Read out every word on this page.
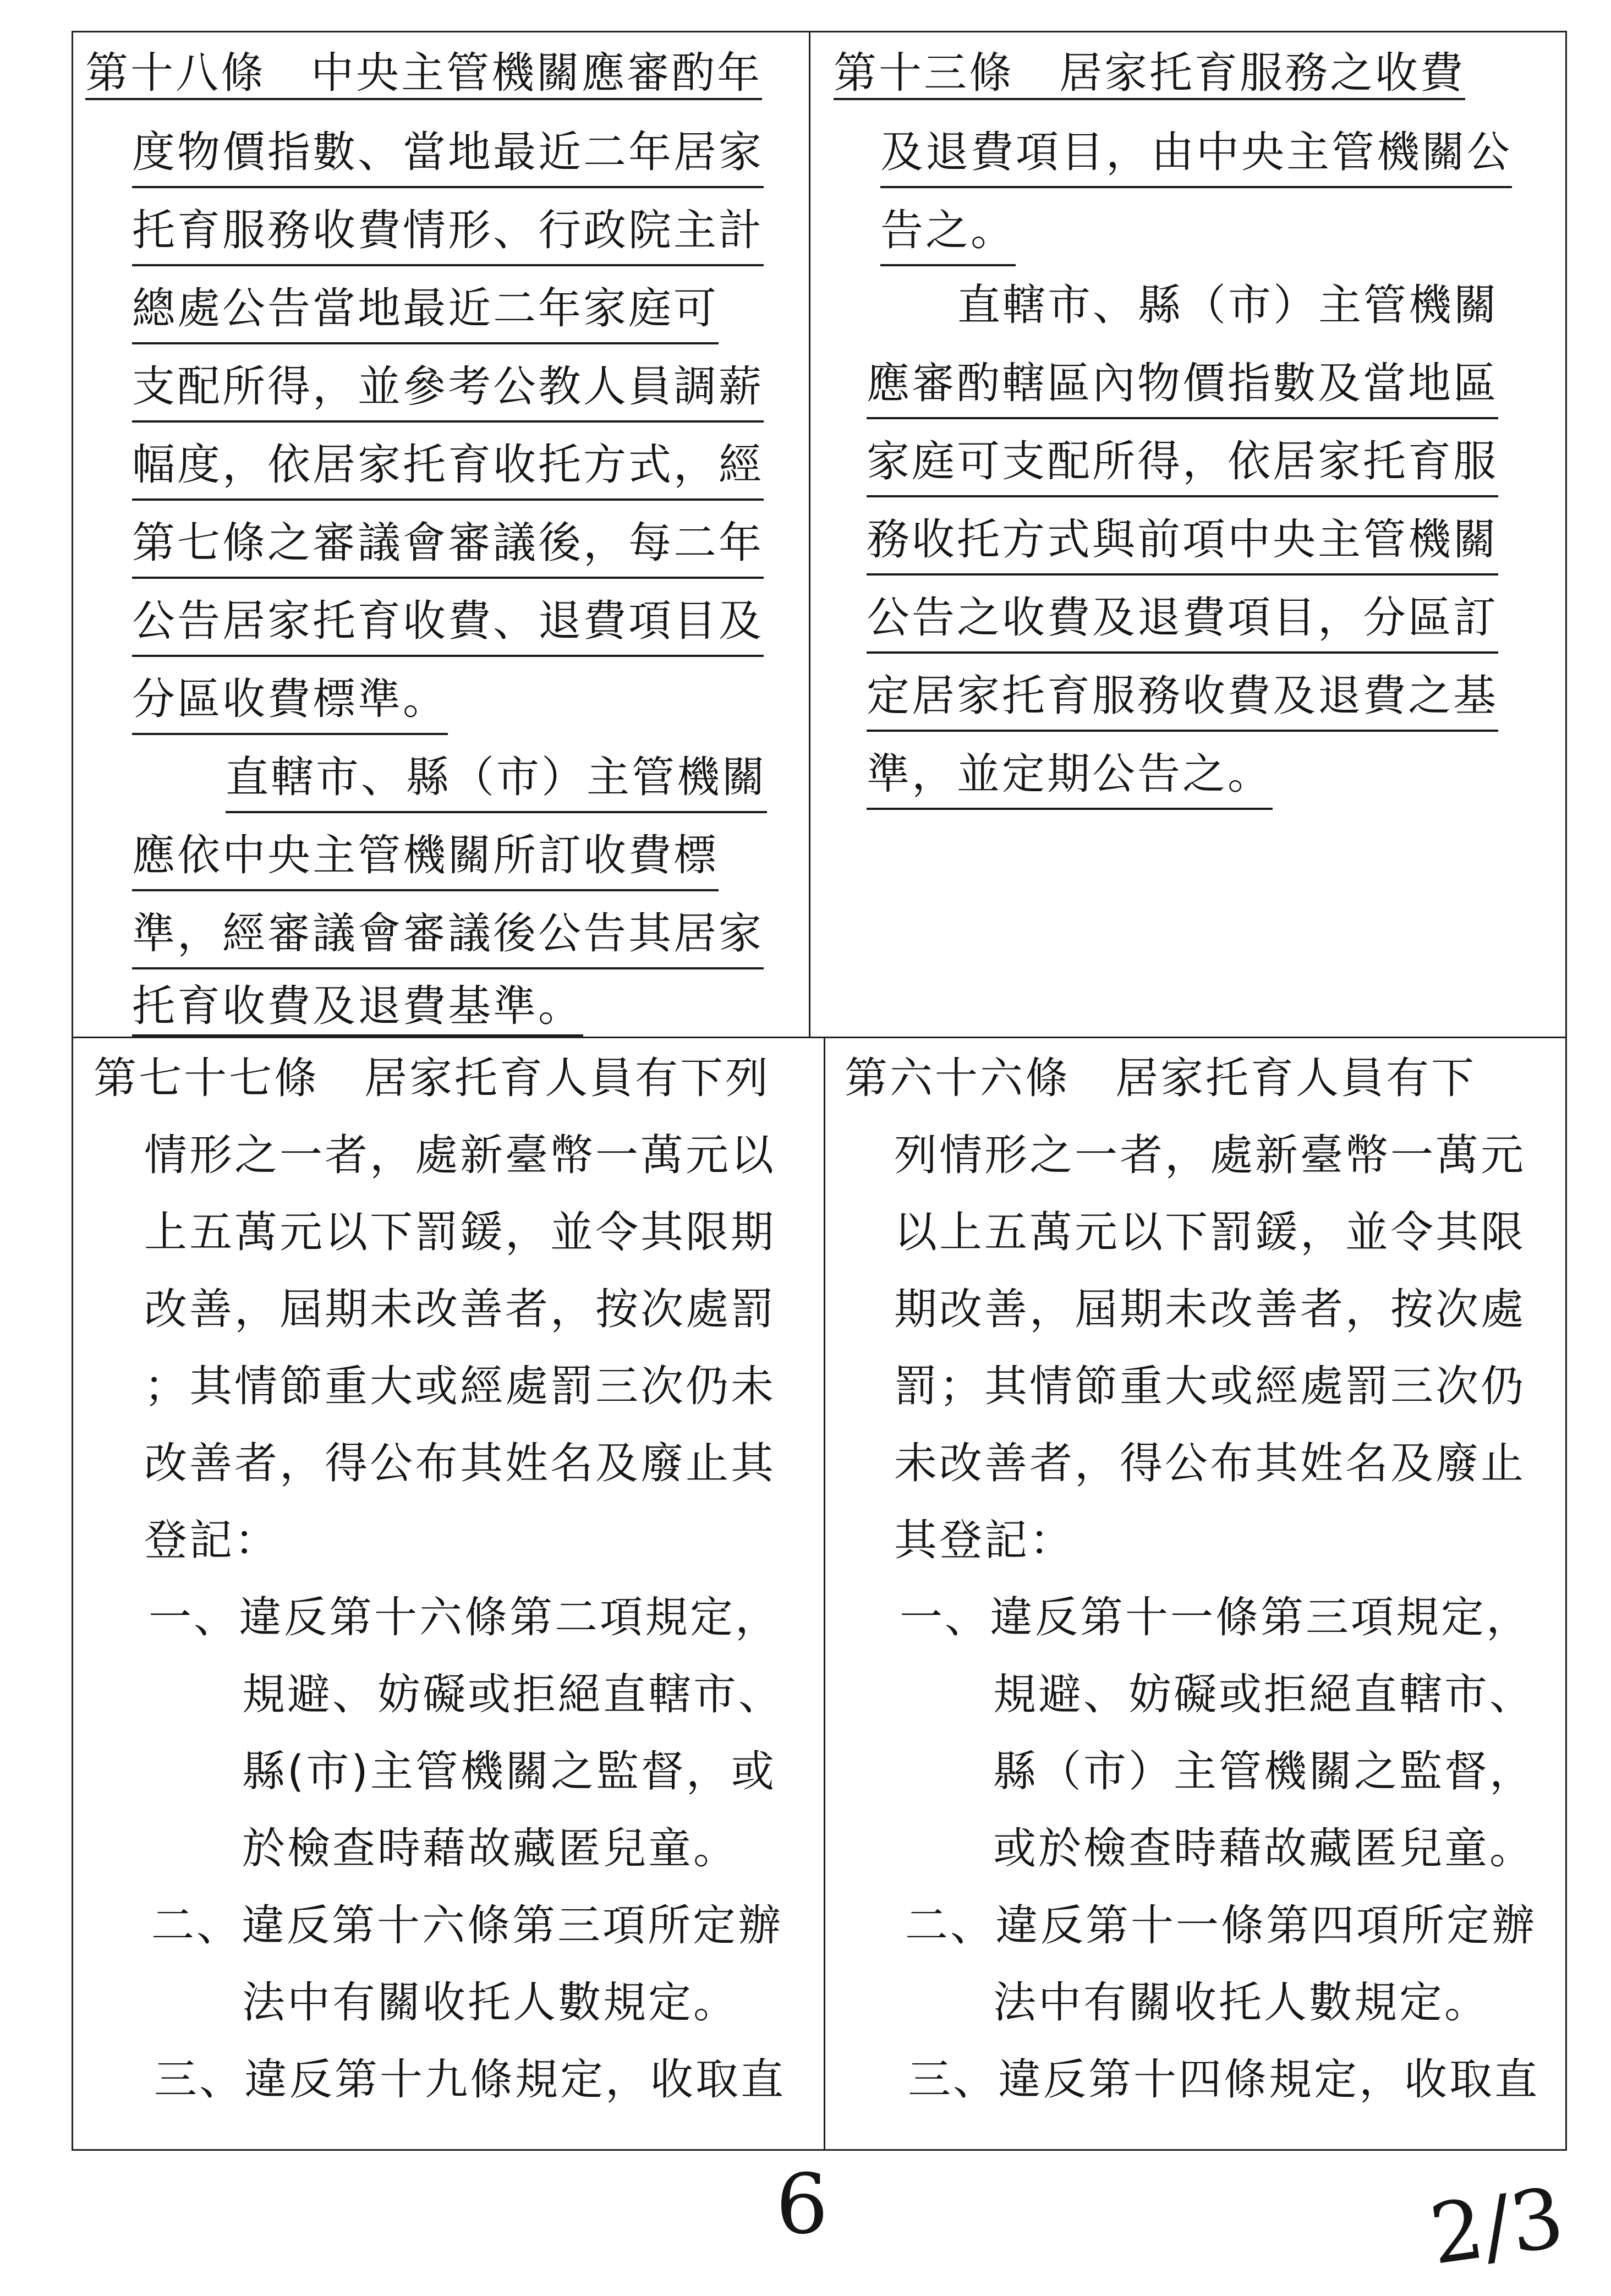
第十八條　中央主管機關應審酌年
度物價指數、當地最近二年居家
托育服務收費情形、行政院主計
總處公告當地最近二年家庭可
支配所得，並參考公教人員調薪
幅度，依居家托育收托方式，經
第七條之審議會審議後，每二年
公告居家托育收費、退費項目及
分區收費標準。
直轄市、縣（市）主管機關
應依中央主管機關所訂收費標
準，經審議會審議後公告其居家
托育收費及退費基準。
第十三條　居家托育服務之收費
及退費項目，由中央主管機關公
告之。
直轄市、縣（市）主管機關
應審酌轄區內物價指數及當地區
家庭可支配所得，依居家托育服
務收托方式與前項中央主管機關
公告之收費及退費項目，分區訂
定居家托育服務收費及退費之基
準，並定期公告之。
第七十七條　居家托育人員有下列
情形之一者，處新臺幣一萬元以
上五萬元以下罰鍰，並令其限期
改善，屆期未改善者，按次處罰
；其情節重大或經處罰三次仍未
改善者，得公布其姓名及廢止其
登記：
一、違反第十六條第二項規定，
規避、妨礙或拒絕直轄市、
縣(市)主管機關之監督，或
於檢查時藉故藏匿兒童。
二、違反第十六條第三項所定辦
法中有關收托人數規定。
三、違反第十九條規定，收取直
第六十六條　居家托育人員有下
列情形之一者，處新臺幣一萬元
以上五萬元以下罰鍰，並令其限
期改善，屆期未改善者，按次處
罰；其情節重大或經處罰三次仍
未改善者，得公布其姓名及廢止
其登記：
一、違反第十一條第三項規定，
規避、妨礙或拒絕直轄市、
縣（市）主管機關之監督，
或於檢查時藉故藏匿兒童。
二、違反第十一條第四項所定辦
法中有關收托人數規定。
三、違反第十四條規定，收取直
6	2/3
